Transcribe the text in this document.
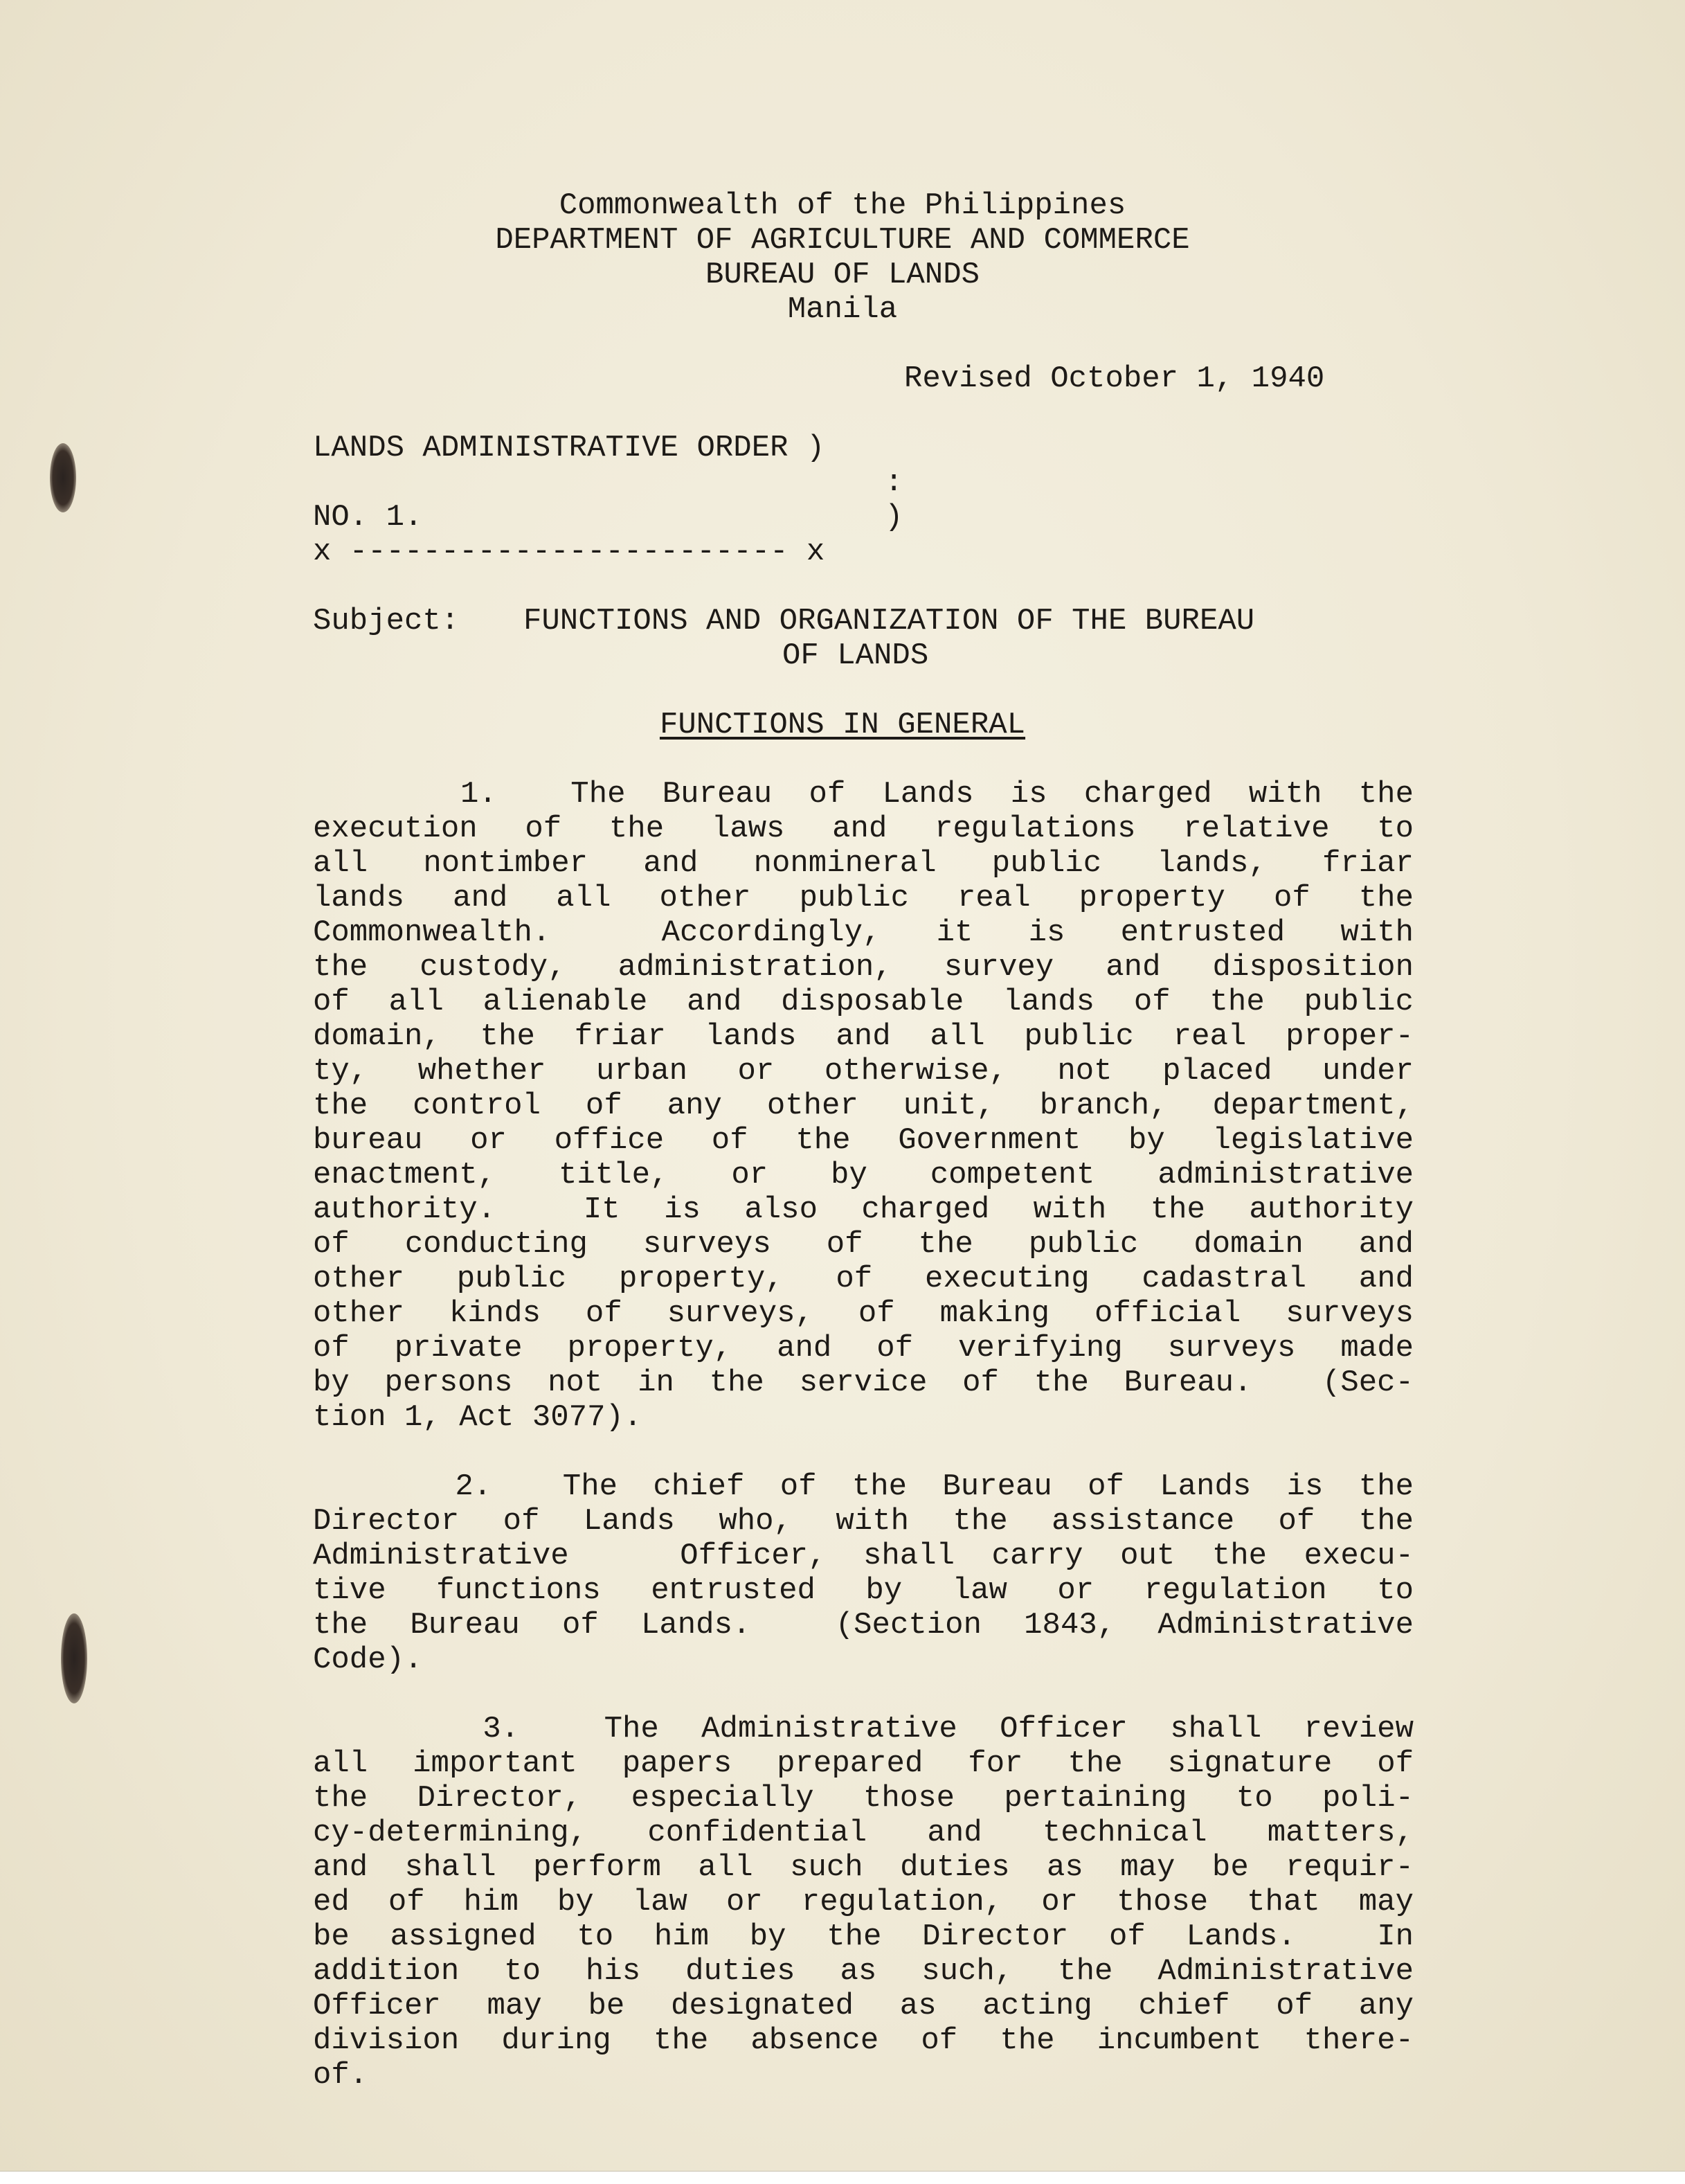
Commonwealth of the Philippines
DEPARTMENT OF AGRICULTURE AND COMMERCE
BUREAU OF LANDS
Manila
Revised October 1, 1940
LANDS ADMINISTRATIVE ORDER )
:
NO. 1.	)
x ------------------------ x
Subject: FUNCTIONS AND ORGANIZATION OF THE BUREAU
OF LANDS
FUNCTIONS IN GENERAL
1.  The Bureau of Lands is charged with the
execution of the laws and regulations relative to
all nontimber and nonmineral public lands, friar
lands and all other public real property of the
Commonwealth.  Accordingly, it is entrusted with
the custody, administration, survey and disposition
of all alienable and disposable lands of the public
domain, the friar lands and all public real proper-
ty, whether urban or otherwise, not placed under
the control of any other unit, branch, department,
bureau or office of the Government by legislative
enactment, title, or by competent administrative
authority.  It is also charged with the authority
of conducting surveys of the public domain and
other public property, of executing cadastral and
other kinds of surveys, of making official surveys
of private property, and of verifying surveys made
by persons not in the service of the Bureau.  (Sec-
tion 1, Act 3077).
2.  The chief of the Bureau of Lands is the
Director of Lands who, with the assistance of the
Administrative   Officer, shall carry out the execu-
tive functions entrusted by law or regulation to
the Bureau of Lands.  (Section 1843, Administrative
Code).
3.  The Administrative Officer shall review
all important papers prepared for the signature of
the Director, especially those pertaining to poli-
cy-determining, confidential and technical matters,
and shall perform all such duties as may be requir-
ed of him by law or regulation, or those that may
be assigned to him by the Director of Lands.  In
addition to his duties as such, the Administrative
Officer may be designated as acting chief of any
division during the absence of the incumbent there-
of.
